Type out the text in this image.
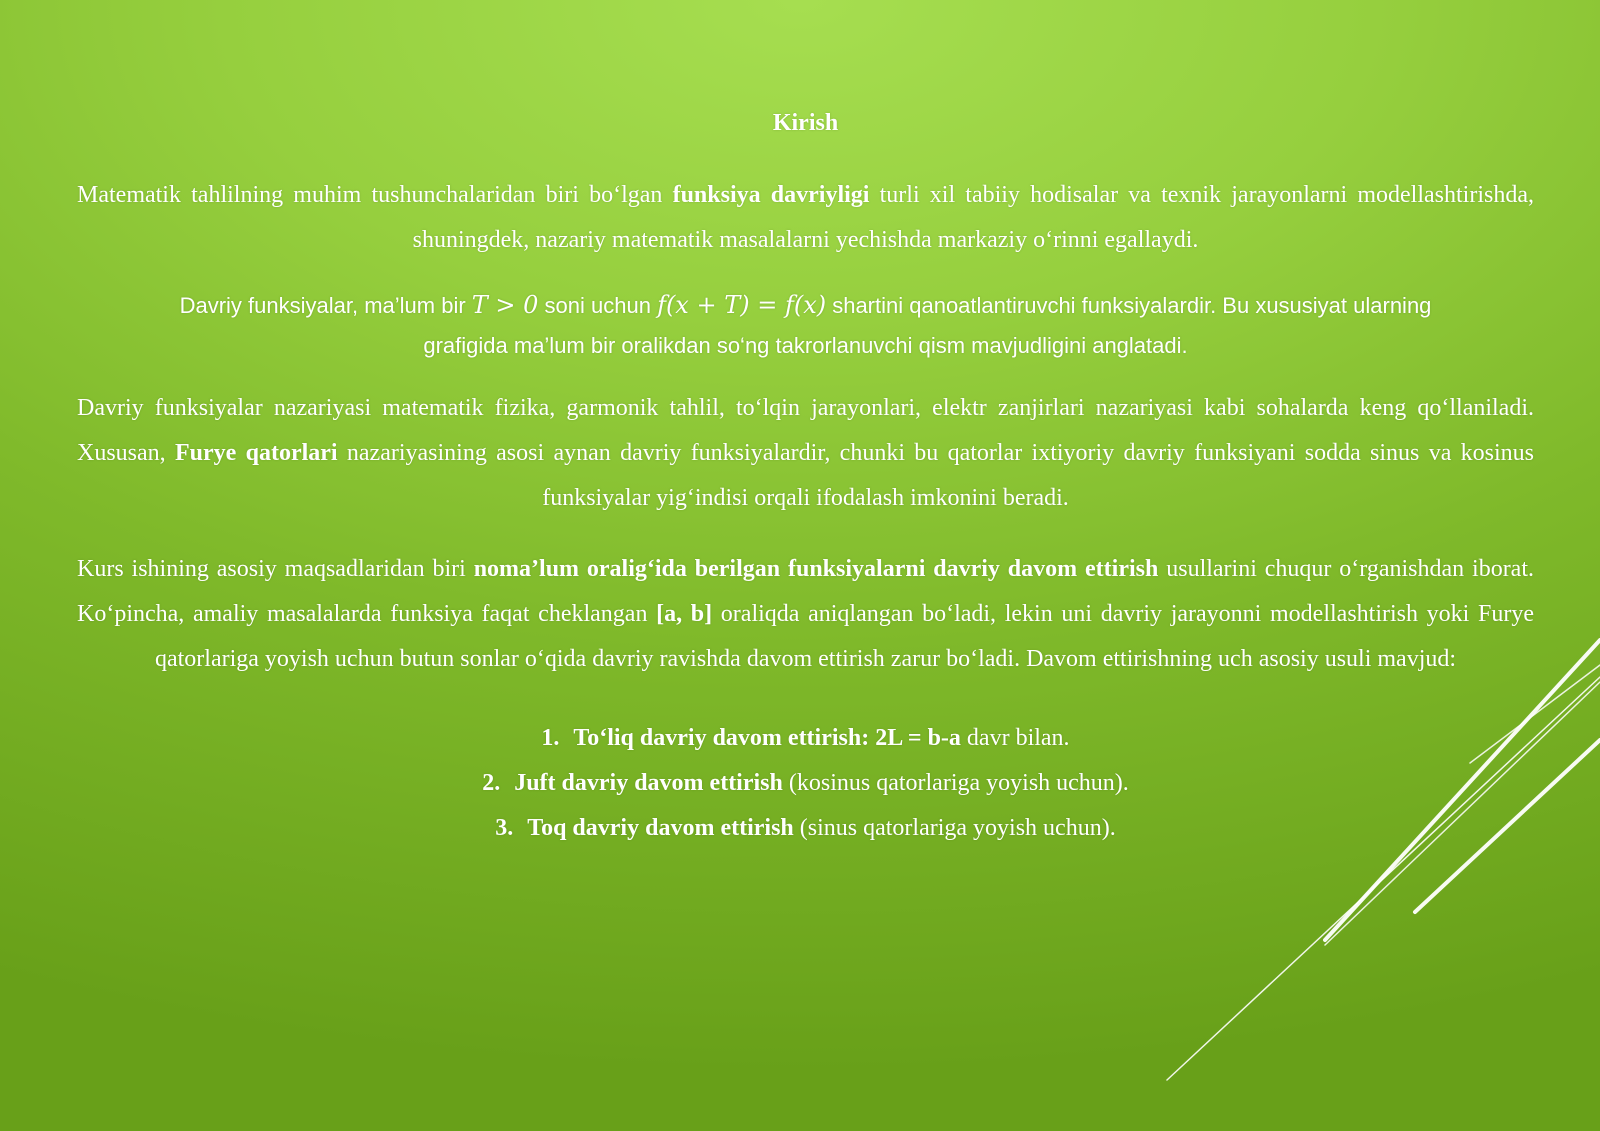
Kirish

Matematik tahlilning muhim tushunchalaridan biri bo‘lgan funksiya davriyligi turli xil tabiiy hodisalar va texnik jarayonlarni modellashtirishda, shuningdek, nazariy matematik masalalarni yechishda markaziy o‘rinni egallaydi.

Davriy funksiyalar, ma’lum bir 𝑇 > 0 soni uchun 𝑓(𝑥 + 𝑇) = 𝑓(𝑥) shartini qanoatlantiruvchi funksiyalardir. Bu xususiyat ularning

grafigida ma’lum bir oralikdan so‘ng takrorlanuvchi qism mavjudligini anglatadi.

Davriy funksiyalar nazariyasi matematik fizika, garmonik tahlil, to‘lqin jarayonlari, elektr zanjirlari nazariyasi kabi sohalarda keng qo‘llaniladi. Xususan, Furye qatorlari nazariyasining asosi aynan davriy funksiyalardir, chunki bu qatorlar ixtiyoriy davriy funksiyani sodda sinus va kosinus funksiyalar yig‘indisi orqali ifodalash imkonini beradi.

Kurs ishining asosiy maqsadlaridan biri noma’lum oralig‘ida berilgan funksiyalarni davriy davom ettirish usullarini chuqur o‘rganishdan iborat. Ko‘pincha, amaliy masalalarda funksiya faqat cheklangan [a, b] oraliqda aniqlangan bo‘ladi, lekin uni davriy jarayonni modellashtirish yoki Furye qatorlariga yoyish uchun butun sonlar o‘qida davriy ravishda davom ettirish zarur bo‘ladi. Davom ettirishning uch asosiy usuli mavjud:

1. To‘liq davriy davom ettirish: 2L = b-a davr bilan.
2. Juft davriy davom ettirish (kosinus qatorlariga yoyish uchun).
3. Toq davriy davom ettirish (sinus qatorlariga yoyish uchun).
